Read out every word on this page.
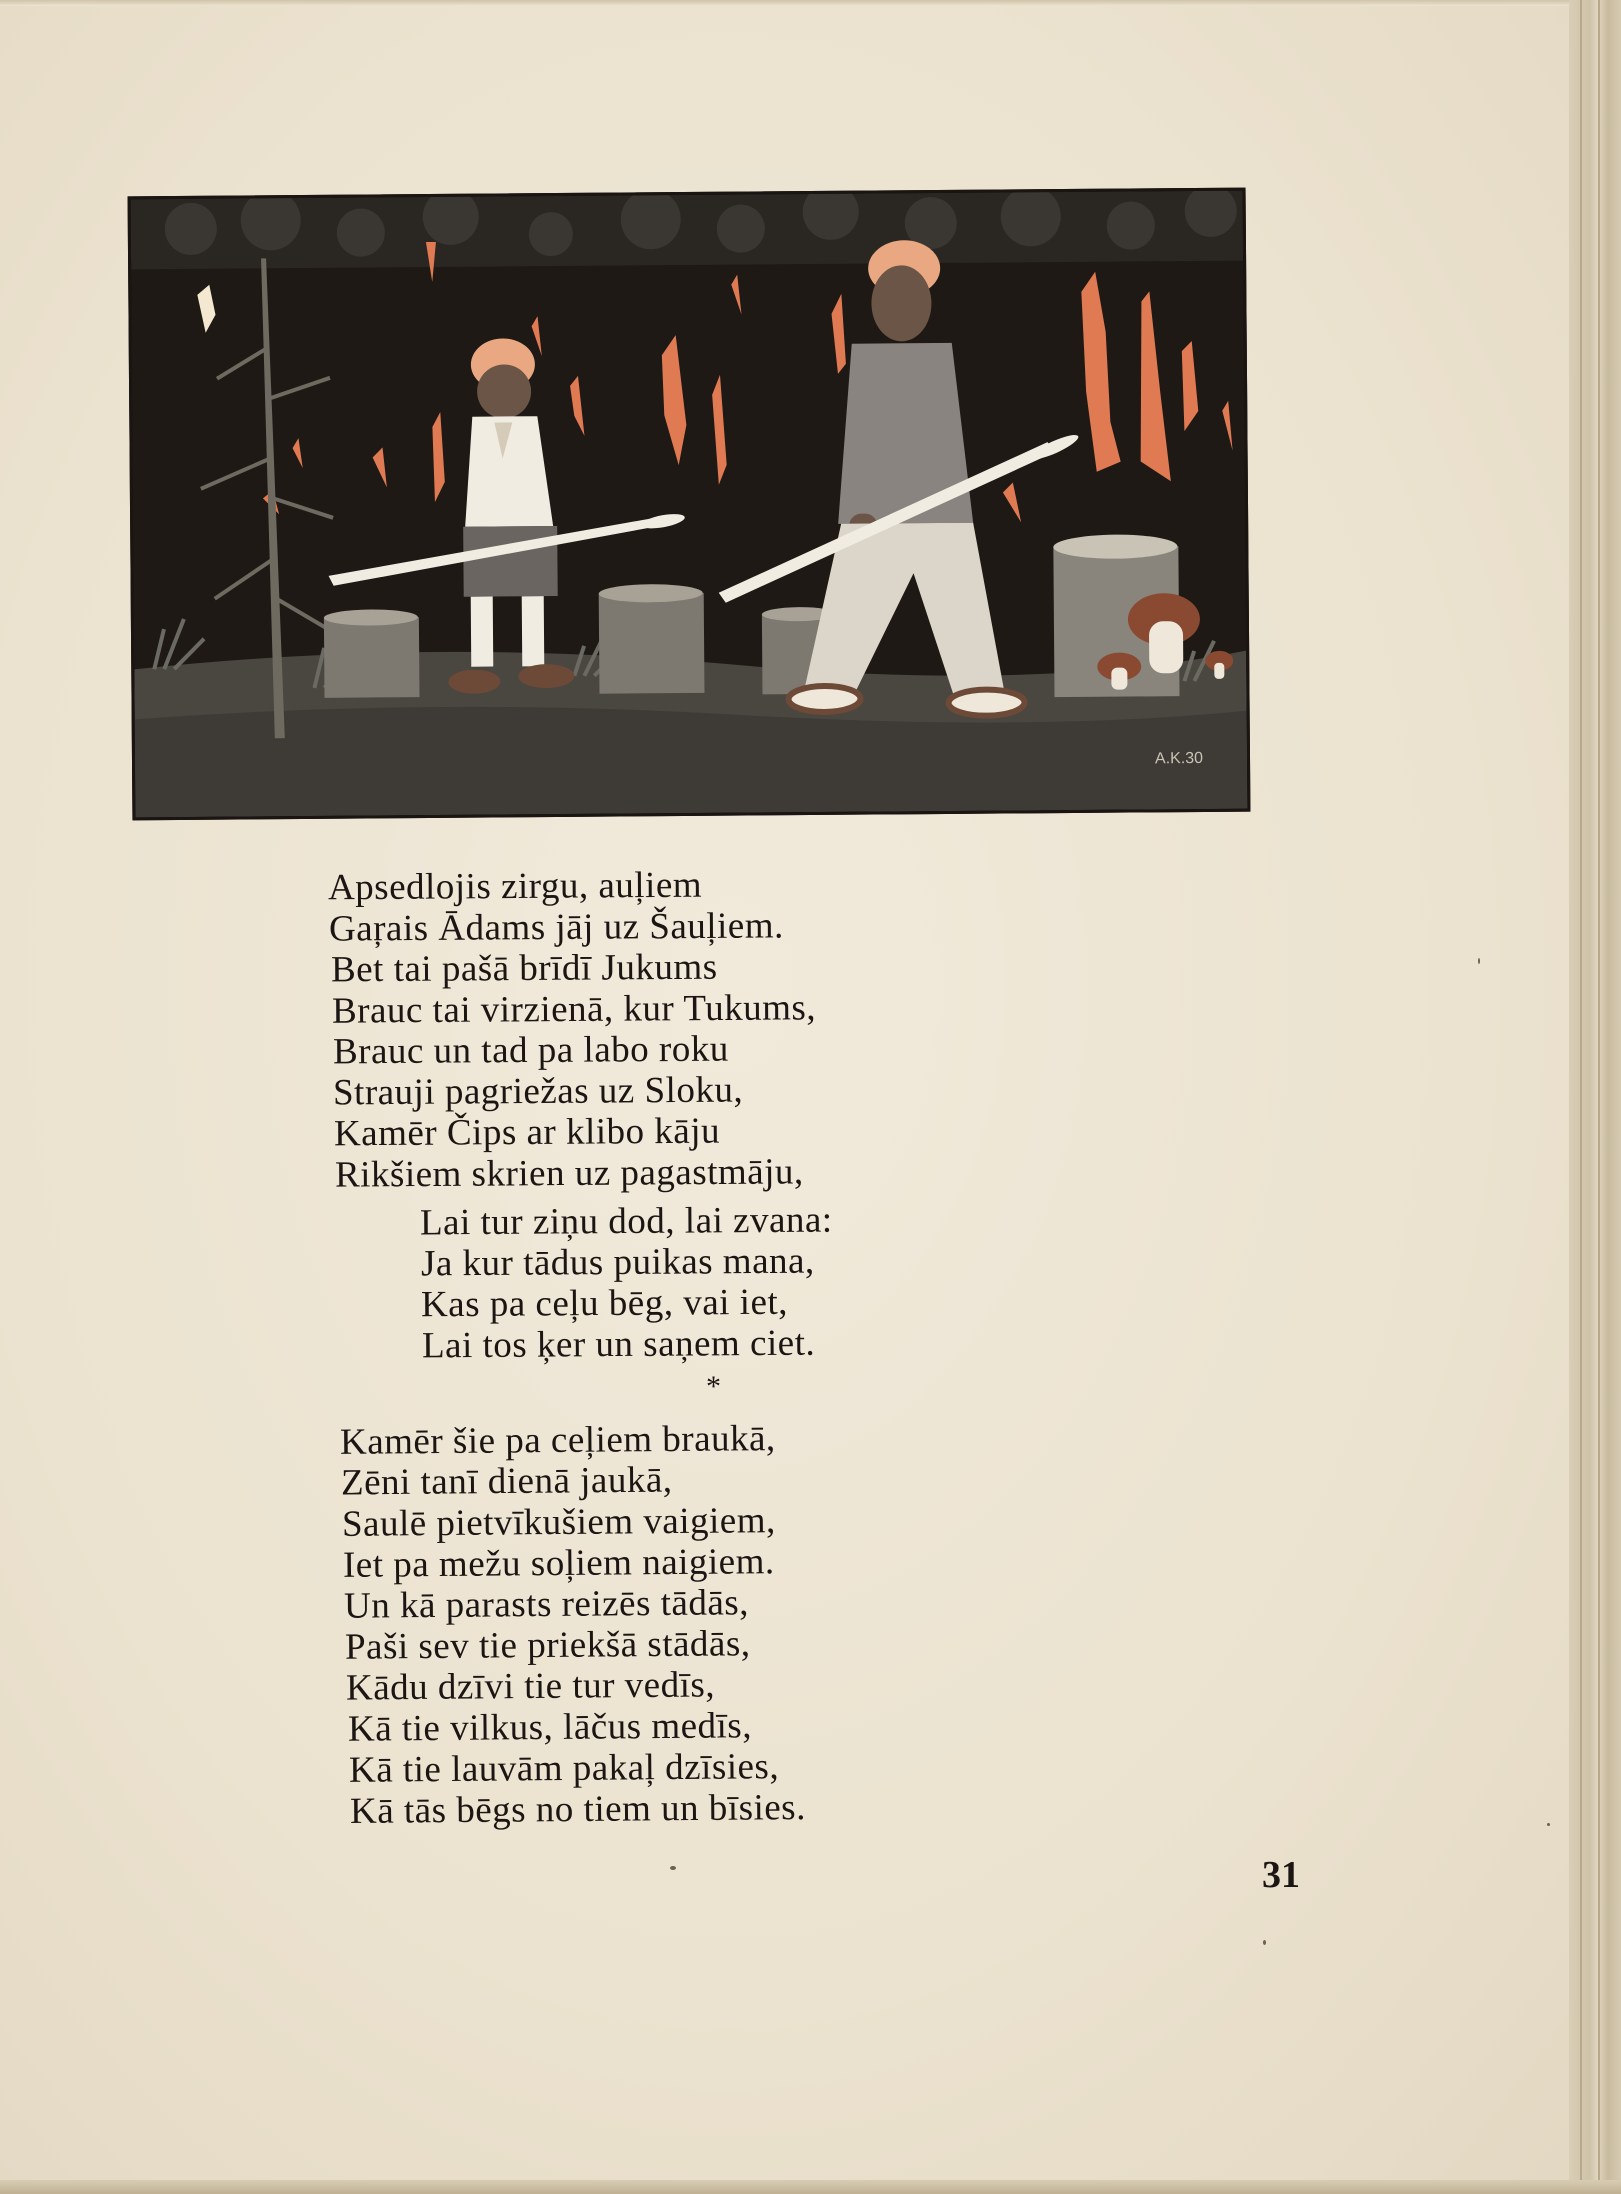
A.K.30
Apsedlojis zirgu, auļiem
Gaŗais Ādams jāj uz Šauļiem.
Bet tai pašā brīdī Jukums
Brauc tai virzienā, kur Tukums,
Brauc un tad pa labo roku
Strauji pagriežas uz Sloku,
Kamēr Čips ar klibo kāju
Rikšiem skrien uz pagastmāju,
Lai tur ziņu dod, lai zvana:
Ja kur tādus puikas mana,
Kas pa ceļu bēg, vai iet,
Lai tos ķer un saņem ciet.
*
Kamēr šie pa ceļiem braukā,
Zēni tanī dienā jaukā,
Saulē pietvīkušiem vaigiem,
Iet pa mežu soļiem naigiem.
Un kā parasts reizēs tādās,
Paši sev tie priekšā stādās,
Kādu dzīvi tie tur vedīs,
Kā tie vilkus, lāčus medīs,
Kā tie lauvām pakaļ dzīsies,
Kā tās bēgs no tiem un bīsies.
31
